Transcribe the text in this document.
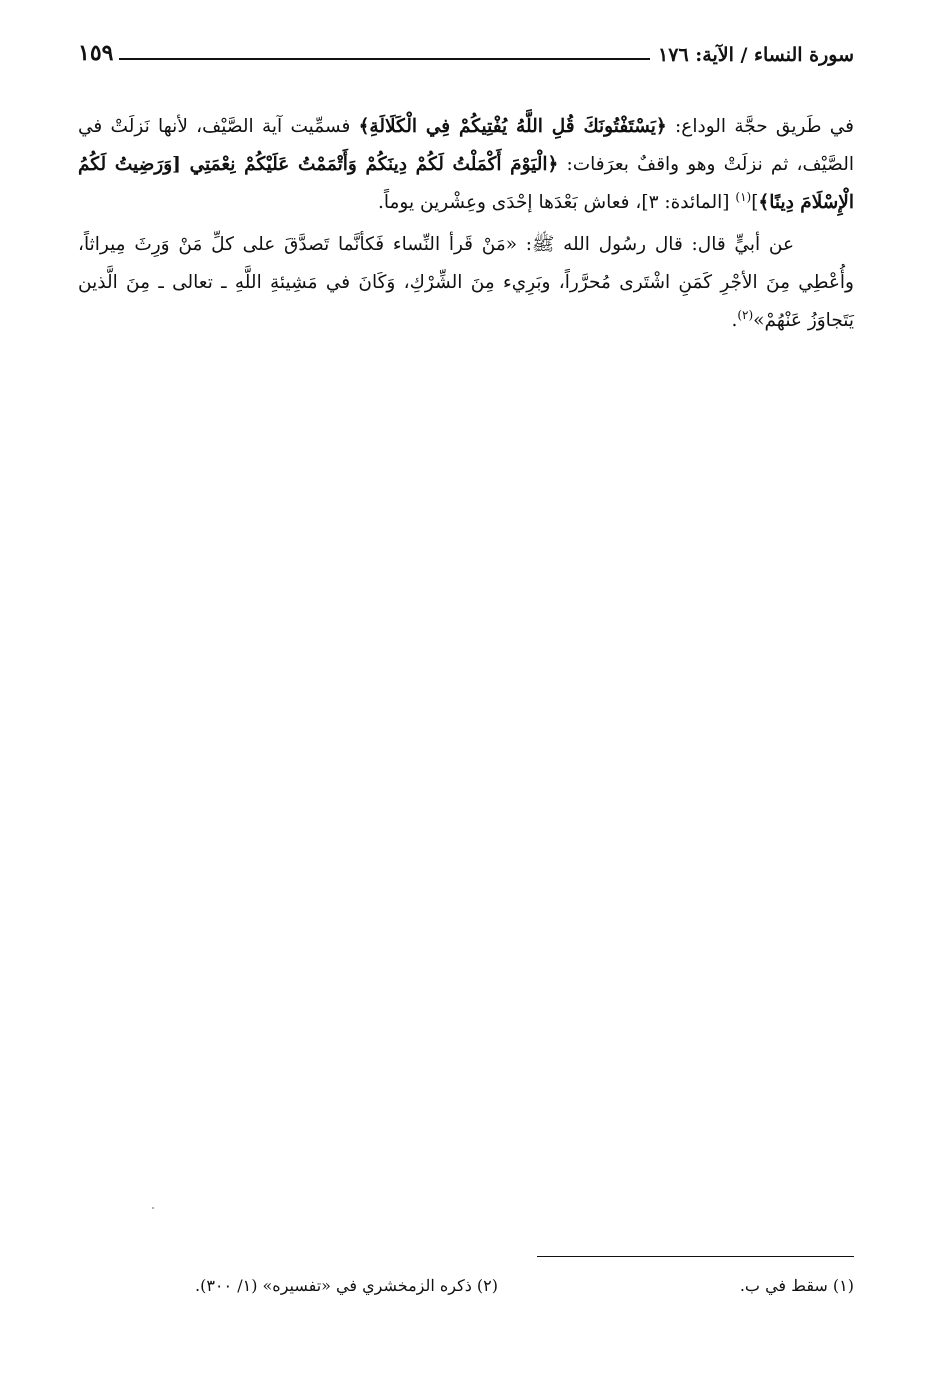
سورة النساء / الآية: ١٧٦
١٥٩

في طَريق حجَّة الوداع: ﴿يَسْتَفْتُونَكَ قُلِ اللَّهُ يُفْتِيكُمْ فِي الْكَلَالَةِ﴾ فسمِّيت آية الصَّيْف، لأنها نَزلَتْ في الصَّيْف، ثم نزلَتْ وهو واقفٌ بعرَفات: ﴿الْيَوْمَ أَكْمَلْتُ لَكُمْ دِينَكُمْ وَأَتْمَمْتُ عَلَيْكُمْ نِعْمَتِي [وَرَضِيتُ لَكُمُ الْإِسْلَامَ دِينًا﴾]$^{(١)}$ [المائدة: ٣]، فعاش بَعْدَها إحْدَى وعِشْرين يوماً.

عن أبيٍّ قال: قال رسُول الله ﷺ: «مَنْ قَرأ النِّساء فَكأنَّما تَصدَّقَ على كلِّ مَنْ وَرِثَ مِيراثاً، وأُعْطِي مِنَ الأجْرِ كَمَنِ اشْتَرى مُحرَّراً، وبَرِيء مِنَ الشِّرْكِ، وَكَانَ في مَشِيئةِ اللَّهِ ـ تعالى ـ مِنَ الَّذين يَتَجاوَزُ عَنْهُمْ»$^{(٢)}$.

(١) سقط في ب.
(٢) ذكره الزمخشري في «تفسيره» (١/ ٣٠٠).
